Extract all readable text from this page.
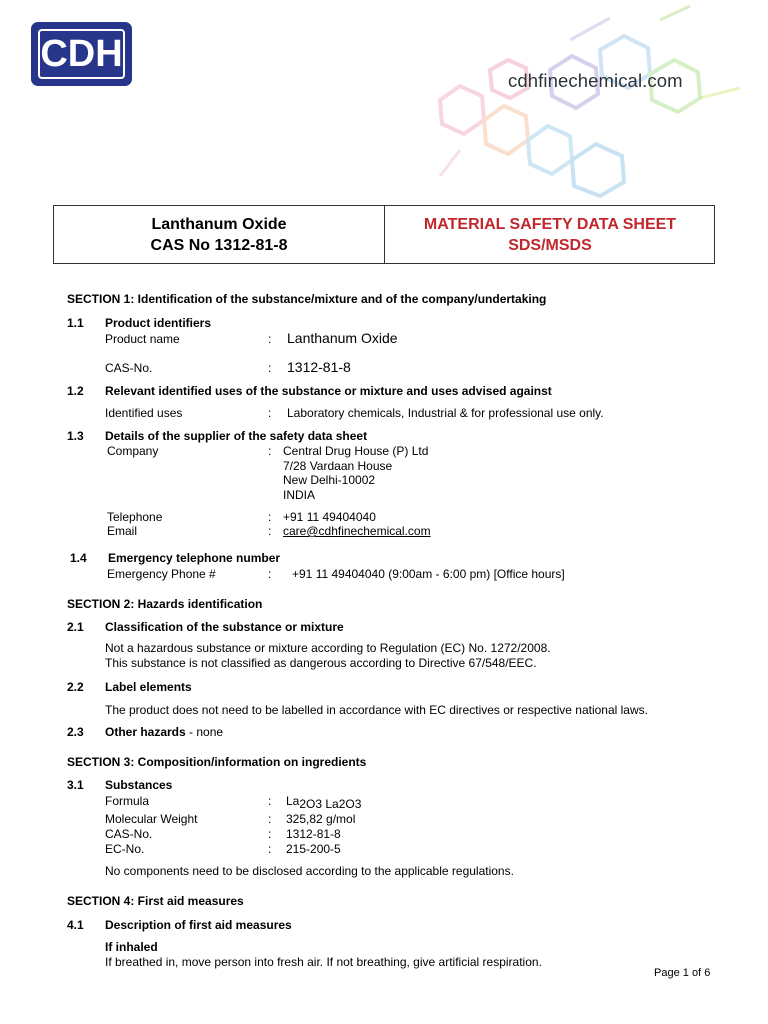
CDH
cdhfinechemical.com
Lanthanum Oxide
CAS No 1312-81-8
MATERIAL SAFETY DATA SHEET
SDS/MSDS
SECTION 1: Identification of the substance/mixture and of the company/undertaking
1.1 Product identifiers
Product name	: Lanthanum Oxide
CAS-No.	: 1312-81-8
1.2 Relevant identified uses of the substance or mixture and uses advised against
Identified uses	: Laboratory chemicals, Industrial & for professional use only.
1.3 Details of the supplier of the safety data sheet
Company	: Central Drug House (P) Ltd
7/28 Vardaan House
New Delhi-10002
INDIA
Telephone	: +91 11 49404040
Email	: care@cdhfinechemical.com
1.4 Emergency telephone number
Emergency Phone #	: +91 11 49404040 (9:00am - 6:00 pm) [Office hours]
SECTION 2: Hazards identification
2.1 Classification of the substance or mixture
Not a hazardous substance or mixture according to Regulation (EC) No. 1272/2008.
This substance is not classified as dangerous according to Directive 67/548/EEC.
2.2 Label elements
The product does not need to be labelled in accordance with EC directives or respective national laws.
2.3 Other hazards - none
SECTION 3: Composition/information on ingredients
3.1 Substances
Formula	: La2O3 La2O3
Molecular Weight	: 325,82 g/mol
CAS-No.	: 1312-81-8
EC-No.	: 215-200-5
No components need to be disclosed according to the applicable regulations.
SECTION 4: First aid measures
4.1 Description of first aid measures
If inhaled
If breathed in, move person into fresh air. If not breathing, give artificial respiration.
Page 1 of 6
